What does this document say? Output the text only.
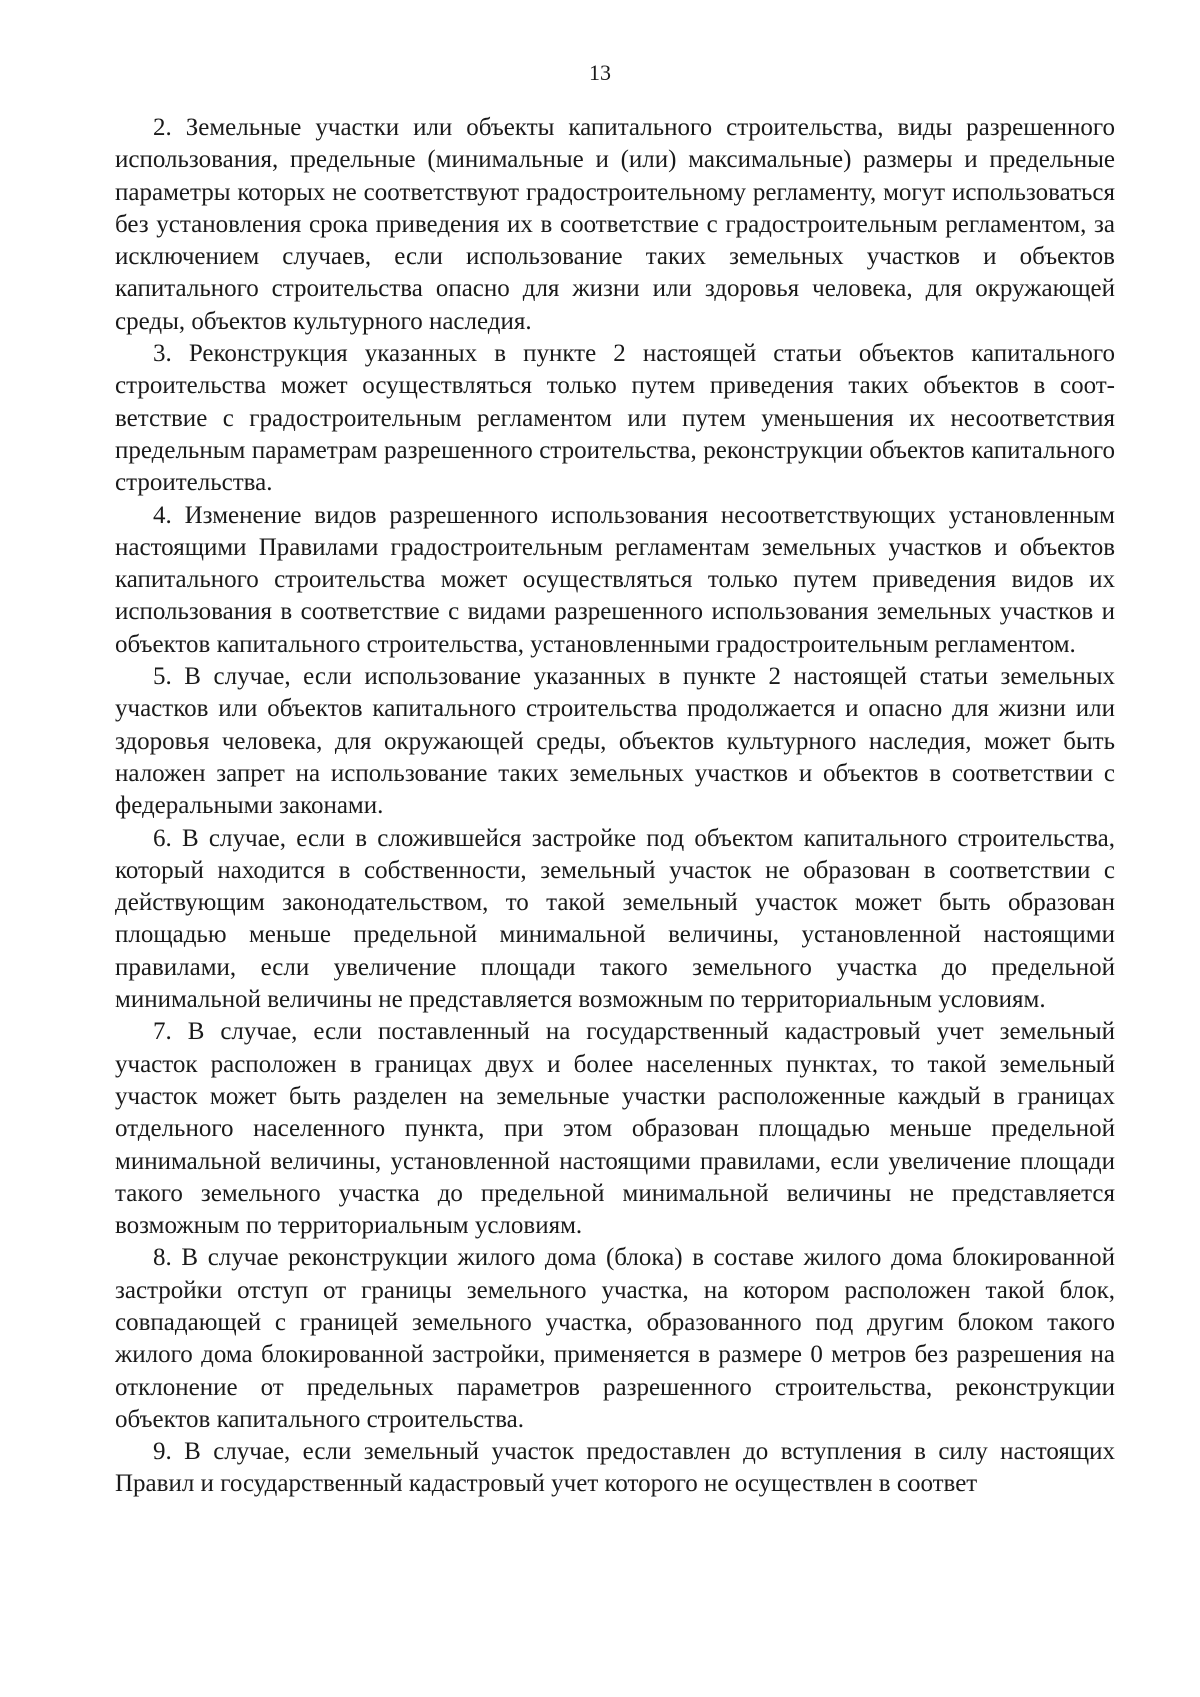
13

2. Земельные участки или объекты капитального строительства, виды разрешенного использования, предельные (минимальные и (или) максимальные) размеры и предельные параметры которых не соответствуют градостроительному регламенту, могут использоваться без установления срока приведения их в соответствие с градостроительным регламентом, за исключением случаев, если использование таких земельных участков и объектов капитального строительства опасно для жизни или здоровья человека, для окружающей среды, объектов культурного наследия.

3. Реконструкция указанных в пункте 2 настоящей статьи объектов капитального строительства может осуществляться только путем приведения таких объектов в соответствие с градостроительным регламентом или путем уменьшения их несоответствия предельным параметрам разрешенного строительства, реконструкции объектов капитального строительства.

4. Изменение видов разрешенного использования несоответствующих установленным настоящими Правилами градостроительным регламентам земельных участков и объектов капитального строительства может осуществляться только путем приведения видов их использования в соответствие с видами разрешенного использования земельных участков и объектов капитального строительства, установленными градостроительным регламентом.

5. В случае, если использование указанных в пункте 2 настоящей статьи земельных участков или объектов капитального строительства продолжается и опасно для жизни или здоровья человека, для окружающей среды, объектов культурного наследия, может быть наложен запрет на использование таких земельных участков и объектов в соответствии с федеральными законами.

6. В случае, если в сложившейся застройке под объектом капитального строительства, который находится в собственности, земельный участок не образован в соответствии с действующим законодательством, то такой земельный участок может быть образован площадью меньше предельной минимальной величины, установленной настоящими правилами, если увеличение площади такого земельного участка до предельной минимальной величины не представляется возможным по территориальным условиям.

7. В случае, если поставленный на государственный кадастровый учет земельный участок расположен в границах двух и более населенных пунктах, то такой земельный участок может быть разделен на земельные участки расположенные каждый в границах отдельного населенного пункта, при этом образован площадью меньше предельной минимальной величины, установленной настоящими правилами, если увеличение площади такого земельного участка до предельной минимальной величины не представляется возможным по территориальным условиям.

8. В случае реконструкции жилого дома (блока) в составе жилого дома блокированной застройки отступ от границы земельного участка, на котором расположен такой блок, совпадающей с границей земельного участка, образованного под другим блоком такого жилого дома блокированной застройки, применяется в размере 0 метров без разрешения на отклонение от предельных параметров разрешенного строительства, реконструкции объектов капитального строительства.

9. В случае, если земельный участок предоставлен до вступления в силу настоящих Правил и государственный кадастровый учет которого не осуществлен в соответ
